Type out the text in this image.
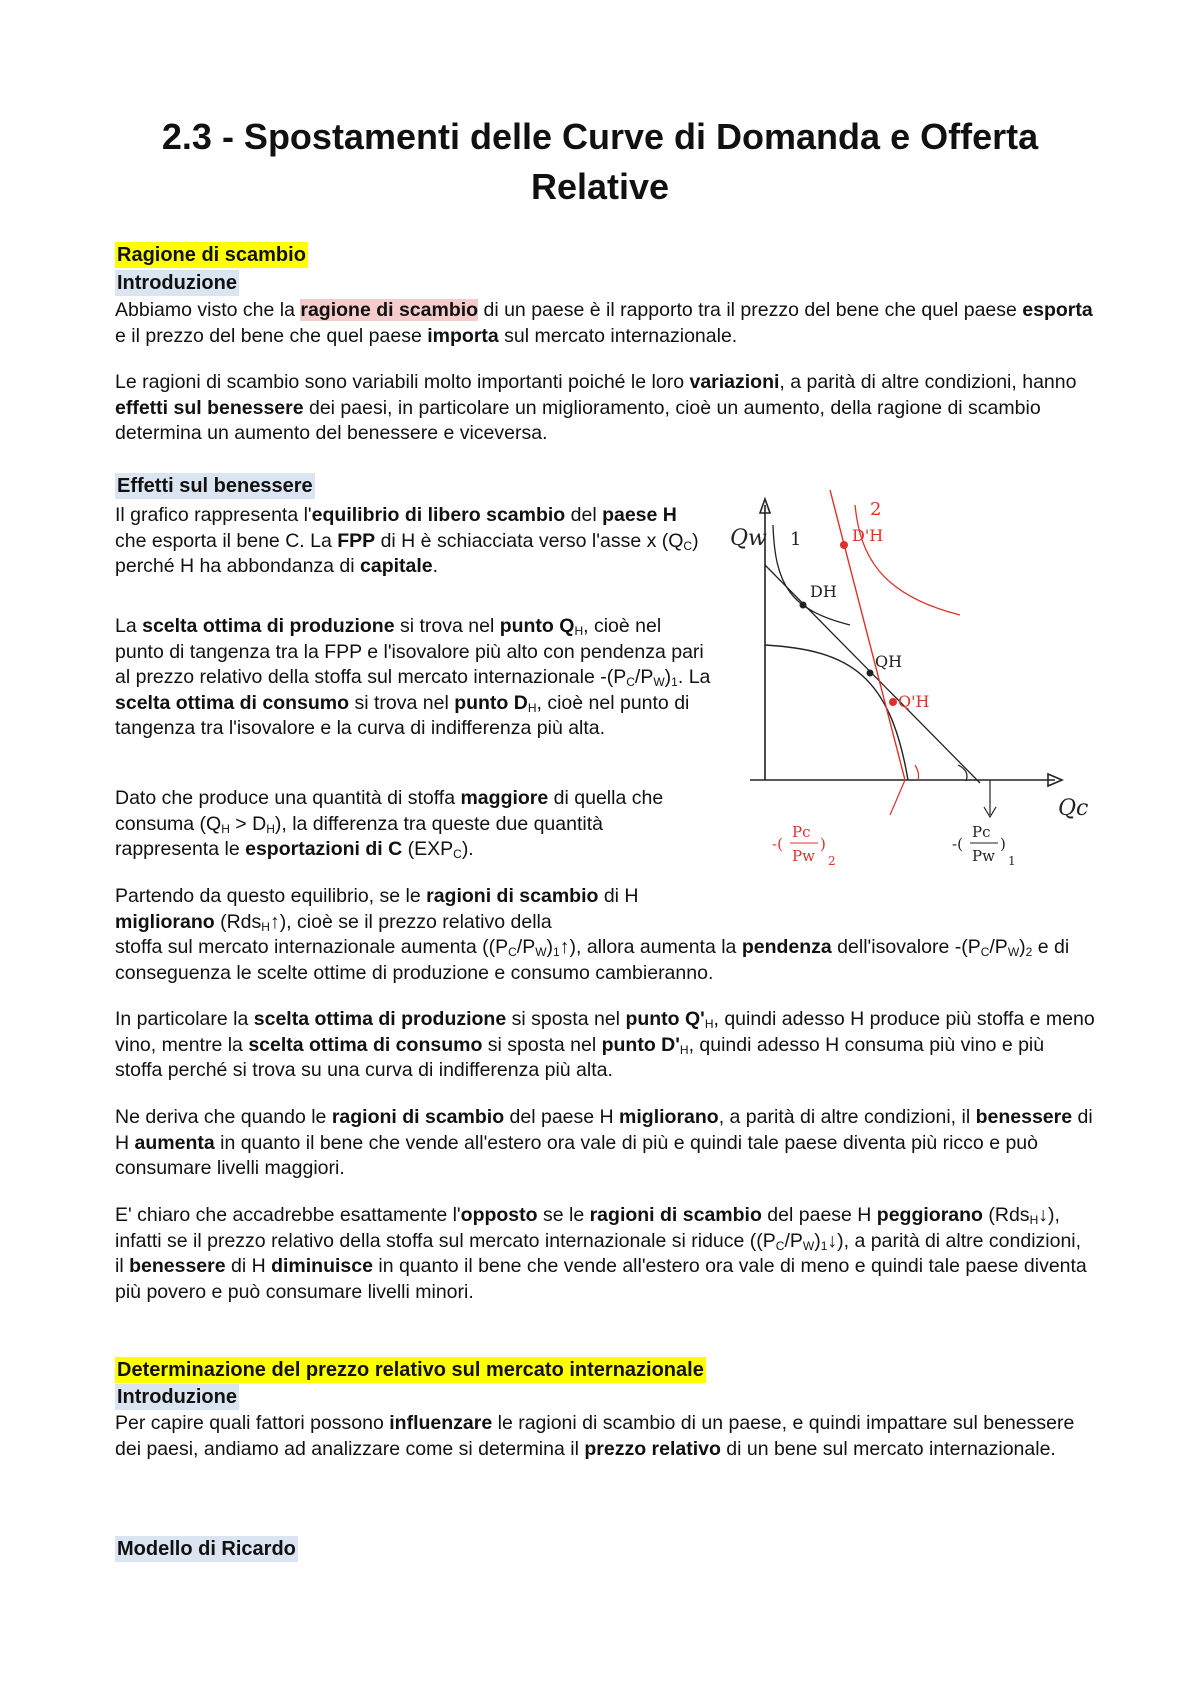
2.3 - Spostamenti delle Curve di Domanda e Offerta
Relative
Ragione di scambio
Introduzione

Abbiamo visto che la ragione di scambio di un paese è il rapporto tra il prezzo del bene che quel paese esporta e il prezzo del bene che quel paese importa sul mercato internazionale.

Le ragioni di scambio sono variabili molto importanti poiché le loro variazioni, a parità di altre condizioni, hanno effetti sul benessere dei paesi, in particolare un miglioramento, cioè un aumento, della ragione di scambio determina un aumento del benessere e viceversa.

Effetti sul benessere

Il grafico rappresenta l'equilibrio di libero scambio del paese H che esporta il bene C. La FPP di H è schiacciata verso l'asse x $(Q_C)$ perché H ha abbondanza di capitale.

La scelta ottima di produzione si trova nel punto $Q_H$, cioè nel punto di tangenza tra la FPP e l'isovalore più alto con pendenza pari al prezzo relativo della stoffa sul mercato internazionale $-(P_C/P_W)_1$. La scelta ottima di consumo si trova nel punto $D_H$, cioè nel punto di tangenza tra l'isovalore e la curva di indifferenza più alta.

Dato che produce una quantità di stoffa maggiore di quella che consuma $(Q_H > D_H)$, la differenza tra queste due quantità rappresenta le esportazioni di C $(EXP_C)$.

Partendo da questo equilibrio, se le ragioni di scambio di H migliorano (Rds$_H$↑), cioè se il prezzo relativo della

stoffa sul mercato internazionale aumenta $((P_C/P_W)_1↑)$, allora aumenta la pendenza dell'isovalore $-(P_C/P_W)_2$ e di conseguenza le scelte ottime di produzione e consumo cambieranno.

In particolare la scelta ottima di produzione si sposta nel punto $Q'_H$, quindi adesso H produce più stoffa e meno vino, mentre la scelta ottima di consumo si sposta nel punto $D'_H$, quindi adesso H consuma più vino e più stoffa perché si trova su una curva di indifferenza più alta.

Ne deriva che quando le ragioni di scambio del paese H migliorano, a parità di altre condizioni, il benessere di H aumenta in quanto il bene che vende all'estero ora vale di più e quindi tale paese diventa più ricco e può consumare livelli maggiori.

E' chiaro che accadrebbe esattamente l'opposto se le ragioni di scambio del paese H peggiorano (Rds$_H$↓), infatti se il prezzo relativo della stoffa sul mercato internazionale si riduce $((P_C/P_W)_1↓)$, a parità di altre condizioni, il benessere di H diminuisce in quanto il bene che vende all'estero ora vale di meno e quindi tale paese diventa più povero e può consumare livelli minori.

Determinazione del prezzo relativo sul mercato internazionale
Introduzione

Per capire quali fattori possono influenzare le ragioni di scambio di un paese, e quindi impattare sul benessere dei paesi, andiamo ad analizzare come si determina il prezzo relativo di un bene sul mercato internazionale.

Modello di Ricardo
Qw
Qc
1
2
DH
QH
D'H
Q'H
-(
Pc
Pw
)
2
-(
Pc
Pw
)
1
